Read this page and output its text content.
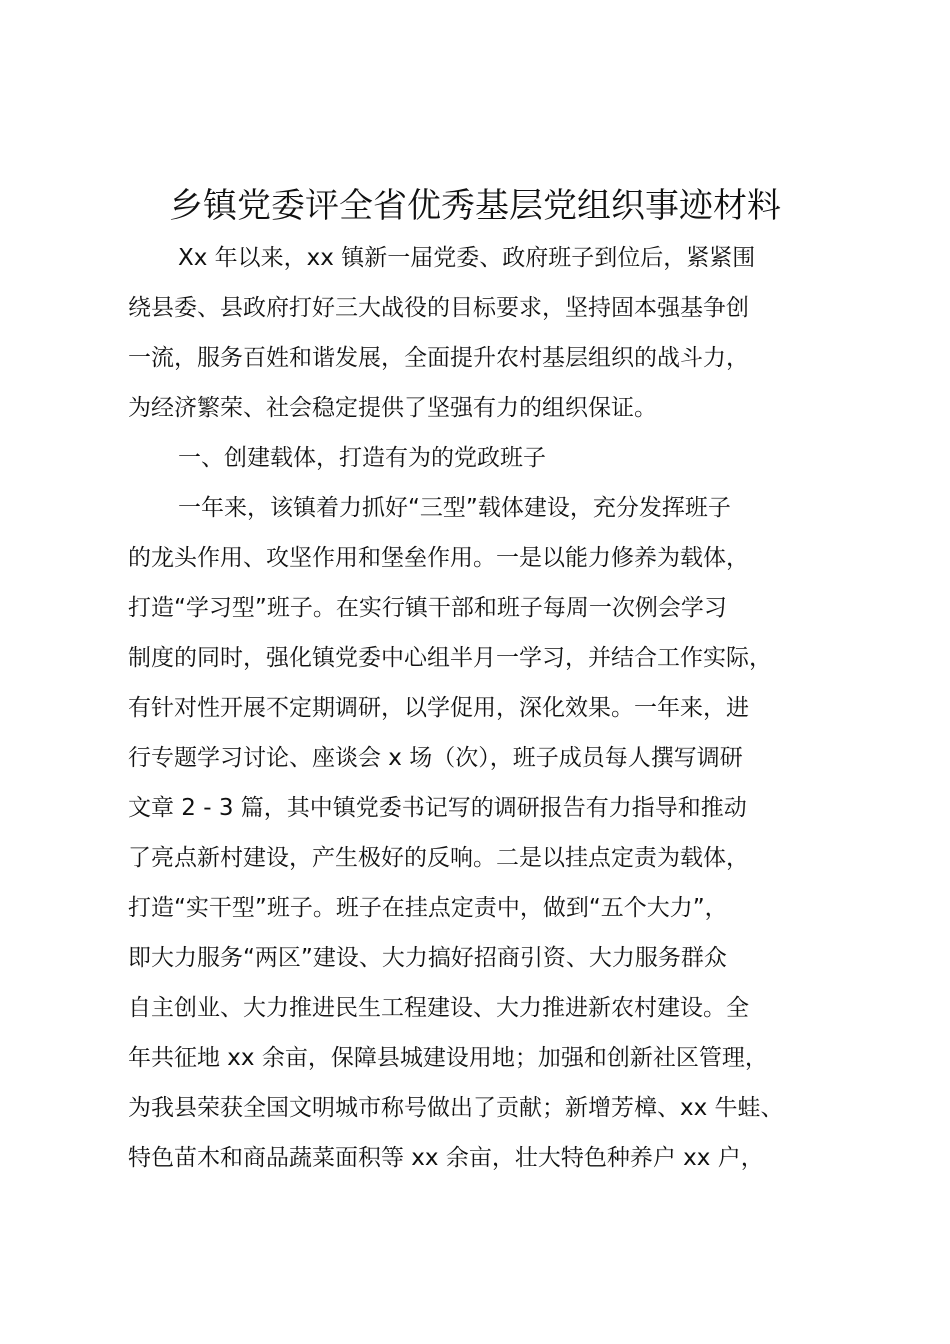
乡镇党委评全省优秀基层党组织事迹材料
Xx 年以来，xx 镇新一届党委、政府班子到位后，紧紧围
绕县委、县政府打好三大战役的目标要求，坚持固本强基争创
一流，服务百姓和谐发展，全面提升农村基层组织的战斗力，
为经济繁荣、社会稳定提供了坚强有力的组织保证。
一、创建载体，打造有为的党政班子
一年来，该镇着力抓好“三型”载体建设，充分发挥班子
的龙头作用、攻坚作用和堡垒作用。一是以能力修养为载体，
打造“学习型”班子。在实行镇干部和班子每周一次例会学习
制度的同时，强化镇党委中心组半月一学习，并结合工作实际，
有针对性开展不定期调研，以学促用，深化效果。一年来，进
行专题学习讨论、座谈会 x 场（次），班子成员每人撰写调研
文章 2 - 3 篇，其中镇党委书记写的调研报告有力指导和推动
了亮点新村建设，产生极好的反响。二是以挂点定责为载体，
打造“实干型”班子。班子在挂点定责中，做到“五个大力”，
即大力服务“两区”建设、大力搞好招商引资、大力服务群众
自主创业、大力推进民生工程建设、大力推进新农村建设。全
年共征地 xx 余亩，保障县城建设用地；加强和创新社区管理，
为我县荣获全国文明城市称号做出了贡献；新增芳樟、xx 牛蛙、
特色苗木和商品蔬菜面积等 xx 余亩，壮大特色种养户 xx 户，
